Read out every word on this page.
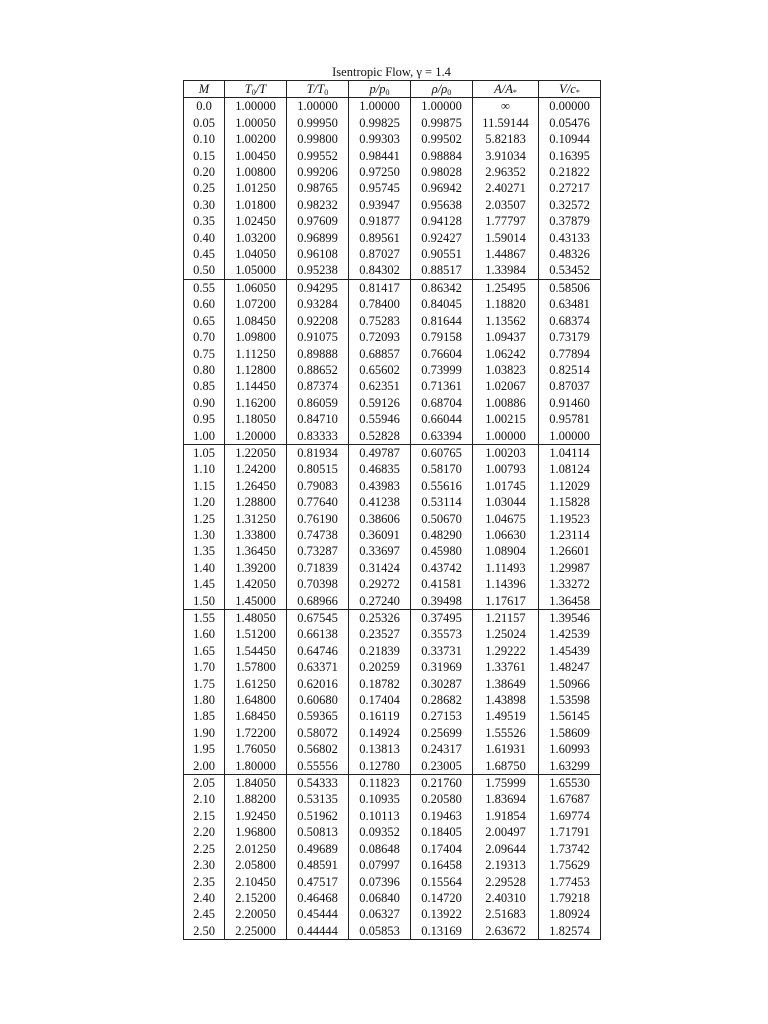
Isentropic Flow, γ = 1.4
M	$T_0/T$	$T/T_0$	$p/p_0$	$\rho/\rho_0$	$A/A_*$	$V/c_*$
0.0	1.00000	1.00000	1.00000	1.00000	∞	0.00000
0.05	1.00050	0.99950	0.99825	0.99875	11.59144	0.05476
0.10	1.00200	0.99800	0.99303	0.99502	5.82183	0.10944
0.15	1.00450	0.99552	0.98441	0.98884	3.91034	0.16395
0.20	1.00800	0.99206	0.97250	0.98028	2.96352	0.21822
0.25	1.01250	0.98765	0.95745	0.96942	2.40271	0.27217
0.30	1.01800	0.98232	0.93947	0.95638	2.03507	0.32572
0.35	1.02450	0.97609	0.91877	0.94128	1.77797	0.37879
0.40	1.03200	0.96899	0.89561	0.92427	1.59014	0.43133
0.45	1.04050	0.96108	0.87027	0.90551	1.44867	0.48326
0.50	1.05000	0.95238	0.84302	0.88517	1.33984	0.53452
0.55	1.06050	0.94295	0.81417	0.86342	1.25495	0.58506
0.60	1.07200	0.93284	0.78400	0.84045	1.18820	0.63481
0.65	1.08450	0.92208	0.75283	0.81644	1.13562	0.68374
0.70	1.09800	0.91075	0.72093	0.79158	1.09437	0.73179
0.75	1.11250	0.89888	0.68857	0.76604	1.06242	0.77894
0.80	1.12800	0.88652	0.65602	0.73999	1.03823	0.82514
0.85	1.14450	0.87374	0.62351	0.71361	1.02067	0.87037
0.90	1.16200	0.86059	0.59126	0.68704	1.00886	0.91460
0.95	1.18050	0.84710	0.55946	0.66044	1.00215	0.95781
1.00	1.20000	0.83333	0.52828	0.63394	1.00000	1.00000
1.05	1.22050	0.81934	0.49787	0.60765	1.00203	1.04114
1.10	1.24200	0.80515	0.46835	0.58170	1.00793	1.08124
1.15	1.26450	0.79083	0.43983	0.55616	1.01745	1.12029
1.20	1.28800	0.77640	0.41238	0.53114	1.03044	1.15828
1.25	1.31250	0.76190	0.38606	0.50670	1.04675	1.19523
1.30	1.33800	0.74738	0.36091	0.48290	1.06630	1.23114
1.35	1.36450	0.73287	0.33697	0.45980	1.08904	1.26601
1.40	1.39200	0.71839	0.31424	0.43742	1.11493	1.29987
1.45	1.42050	0.70398	0.29272	0.41581	1.14396	1.33272
1.50	1.45000	0.68966	0.27240	0.39498	1.17617	1.36458
1.55	1.48050	0.67545	0.25326	0.37495	1.21157	1.39546
1.60	1.51200	0.66138	0.23527	0.35573	1.25024	1.42539
1.65	1.54450	0.64746	0.21839	0.33731	1.29222	1.45439
1.70	1.57800	0.63371	0.20259	0.31969	1.33761	1.48247
1.75	1.61250	0.62016	0.18782	0.30287	1.38649	1.50966
1.80	1.64800	0.60680	0.17404	0.28682	1.43898	1.53598
1.85	1.68450	0.59365	0.16119	0.27153	1.49519	1.56145
1.90	1.72200	0.58072	0.14924	0.25699	1.55526	1.58609
1.95	1.76050	0.56802	0.13813	0.24317	1.61931	1.60993
2.00	1.80000	0.55556	0.12780	0.23005	1.68750	1.63299
2.05	1.84050	0.54333	0.11823	0.21760	1.75999	1.65530
2.10	1.88200	0.53135	0.10935	0.20580	1.83694	1.67687
2.15	1.92450	0.51962	0.10113	0.19463	1.91854	1.69774
2.20	1.96800	0.50813	0.09352	0.18405	2.00497	1.71791
2.25	2.01250	0.49689	0.08648	0.17404	2.09644	1.73742
2.30	2.05800	0.48591	0.07997	0.16458	2.19313	1.75629
2.35	2.10450	0.47517	0.07396	0.15564	2.29528	1.77453
2.40	2.15200	0.46468	0.06840	0.14720	2.40310	1.79218
2.45	2.20050	0.45444	0.06327	0.13922	2.51683	1.80924
2.50	2.25000	0.44444	0.05853	0.13169	2.63672	1.82574
